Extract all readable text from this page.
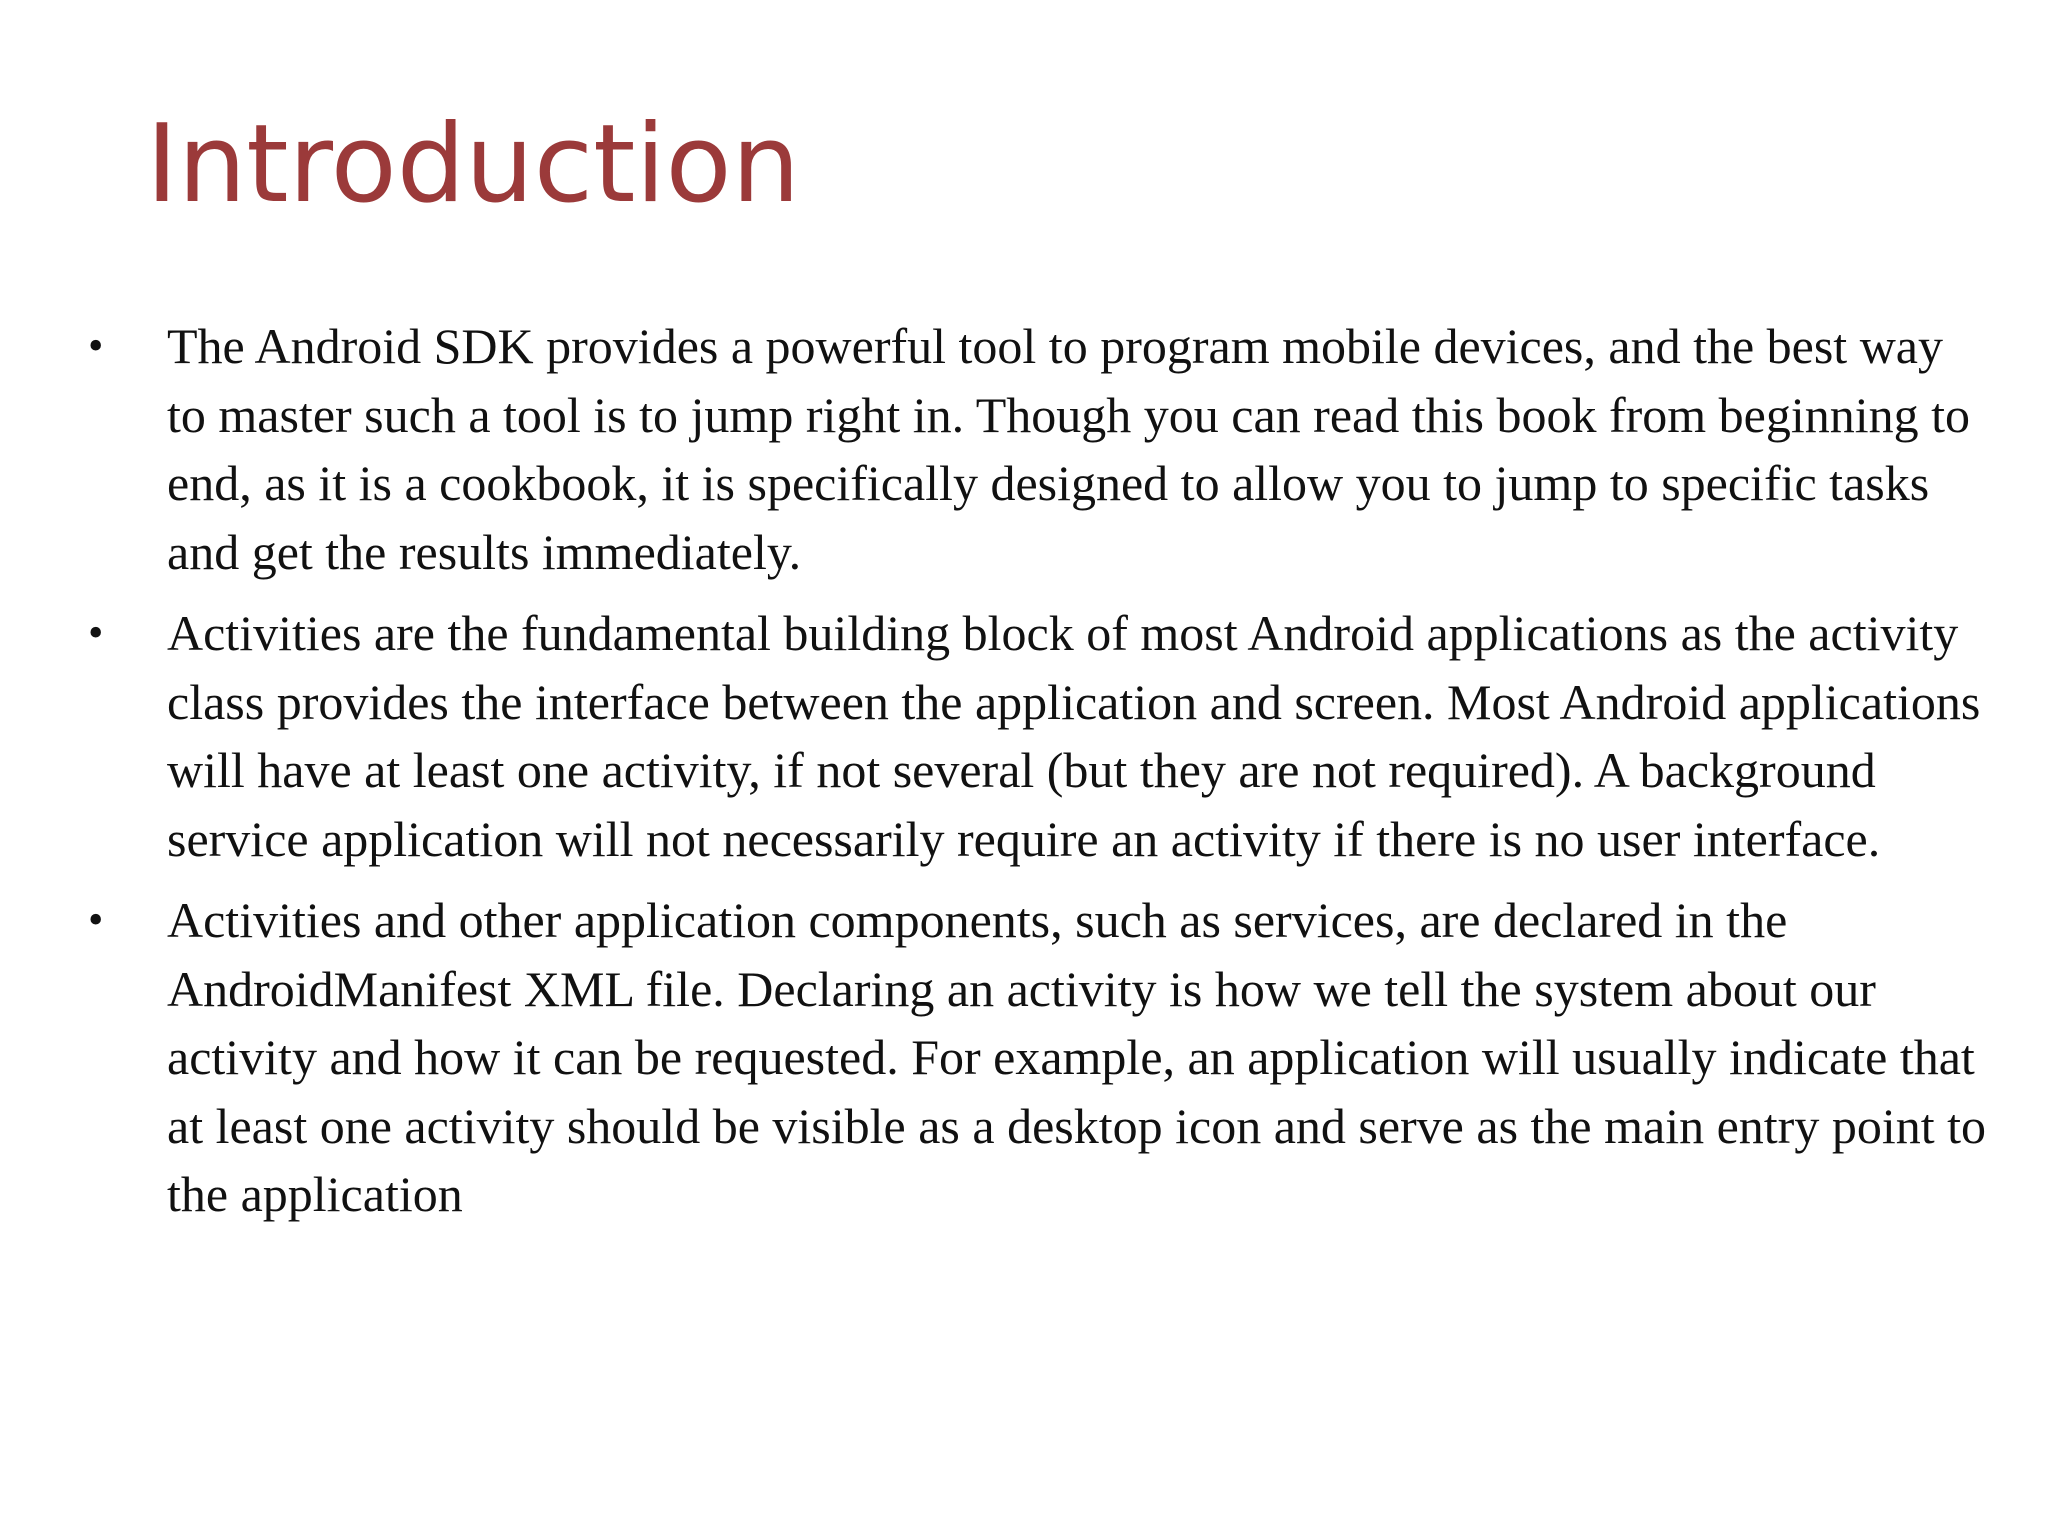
Introduction
• The Android SDK provides a powerful tool to program mobile devices, and the best way to master such a tool is to jump right in. Though you can read this book from beginning to end, as it is a cookbook, it is specifically designed to allow you to jump to specific tasks and get the results immediately.
• Activities are the fundamental building block of most Android applications as the activity class provides the interface between the application and screen. Most Android applications will have at least one activity, if not several (but they are not required). A background service application will not necessarily require an activity if there is no user interface.
• Activities and other application components, such as services, are declared in the AndroidManifest XML file. Declaring an activity is how we tell the system about our activity and how it can be requested. For example, an application will usually indicate that at least one activity should be visible as a desktop icon and serve as the main entry point to the application
